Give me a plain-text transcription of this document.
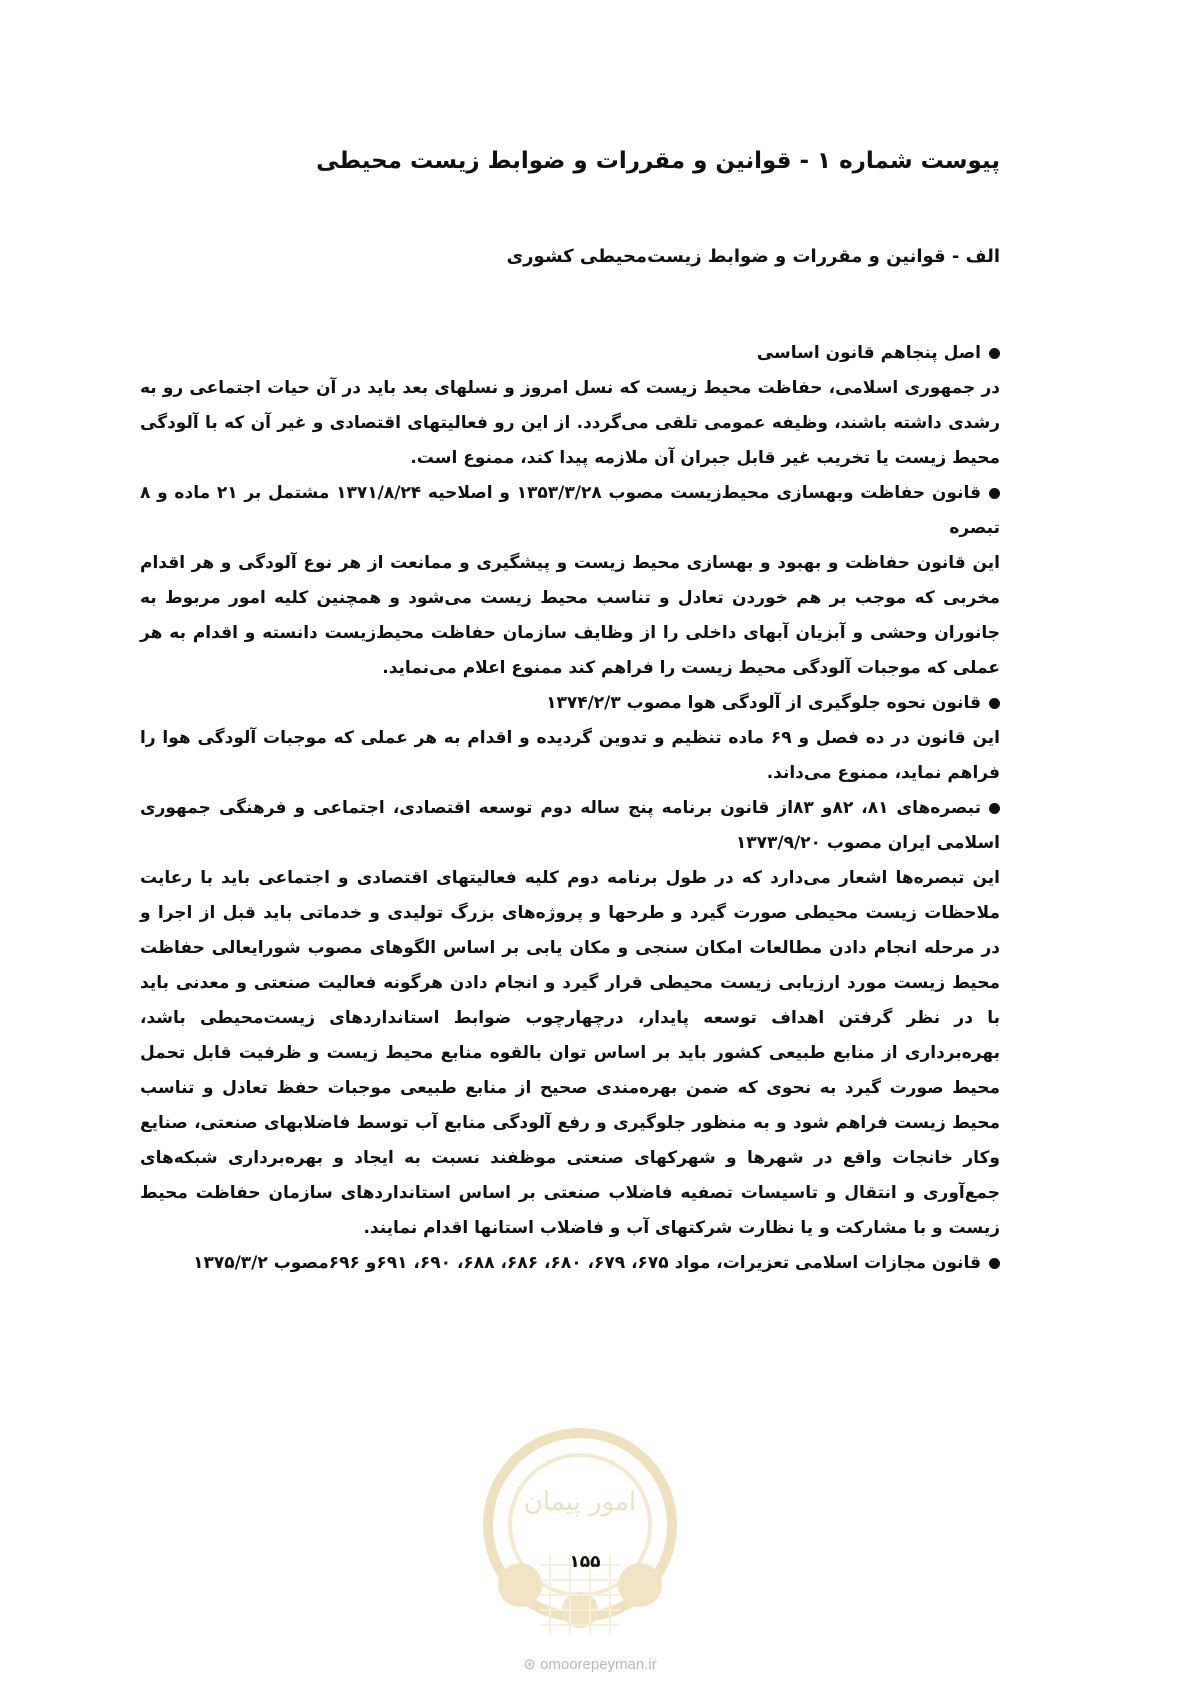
پیوست شماره ۱ - قوانین و مقررات و ضوابط زیست محیطی
الف - قوانین و مقررات و ضوابط زیست‌محیطی کشوری
اصل پنجاهم قانون اساسی

در جمهوری اسلامی، حفاظت محیط زیست که نسل امروز و نسلهای بعد باید در آن حیات اجتماعی رو به رشدی داشته باشند، وظیفه عمومی تلقی می‌گردد. از این رو فعالیتهای اقتصادی و غیر آن که با آلودگی محیط زیست یا تخریب غیر قابل جبران آن ملازمه پیدا کند، ممنوع است.

قانون حفاظت وبهسازی محیط‌زیست مصوب ۱۳۵۳/۳/۲۸ و اصلاحیه ۱۳۷۱/۸/۲۴ مشتمل بر ۲۱ ماده و ۸ تبصره

این قانون حفاظت و بهبود و بهسازی محیط زیست و پیشگیری و ممانعت از هر نوع آلودگی و هر اقدام مخربی که موجب بر هم خوردن تعادل و تناسب محیط زیست می‌شود و همچنین کلیه امور مربوط به جانوران وحشی و آبزیان آبهای داخلی را از وظایف سازمان حفاظت محیط‌زیست دانسته و اقدام به هر عملی که موجبات آلودگی محیط زیست را فراهم کند ممنوع اعلام می‌نماید.

قانون نحوه جلوگیری از آلودگی هوا مصوب ۱۳۷۴/۲/۳

این قانون در ده فصل و ۶۹ ماده تنظیم و تدوین گردیده و اقدام به هر عملی که موجبات آلودگی هوا را فراهم نماید، ممنوع می‌داند.

تبصره‌های ۸۱، ۸۲و ۸۳از قانون برنامه پنج ساله دوم توسعه اقتصادی، اجتماعی و فرهنگی جمهوری اسلامی ایران مصوب ۱۳۷۳/۹/۲۰

این تبصره‌ها اشعار می‌دارد که در طول برنامه دوم کلیه فعالیتهای اقتصادی و اجتماعی باید با رعایت ملاحظات زیست محیطی صورت گیرد و طرحها و پروژه‌های بزرگ تولیدی و خدماتی باید قبل از اجرا و در مرحله انجام دادن مطالعات امکان سنجی و مکان یابی بر اساس الگوهای مصوب شورایعالی حفاظت محیط زیست مورد ارزیابی زیست محیطی قرار گیرد و انجام دادن هرگونه فعالیت صنعتی و معدنی باید با در نظر گرفتن اهداف توسعه پایدار، درچهارچوب ضوابط استانداردهای زیست‌محیطی باشد، بهره‌برداری از منابع طبیعی کشور باید بر اساس توان بالقوه منابع محیط زیست و ظرفیت قابل تحمل محیط صورت گیرد به نحوی که ضمن بهره‌مندی صحیح از منابع طبیعی موجبات حفظ تعادل و تناسب محیط زیست فراهم شود و به منظور جلوگیری و رفع آلودگی منابع آب توسط فاضلابهای صنعتی، صنایع وکار خانجات واقع در شهرها و شهرکهای صنعتی موظفند نسبت به ایجاد و بهره‌برداری شبکه‌های جمع‌آوری و انتقال و تاسیسات تصفیه فاضلاب صنعتی بر اساس استانداردهای سازمان حفاظت محیط زیست و با مشارکت و یا نظارت شرکتهای آب و فاضلاب استانها اقدام نمایند.

قانون مجازات اسلامی تعزیرات، مواد ۶۷۵، ۶۷۹، ۶۸۰، ۶۸۶، ۶۸۸، ۶۹۰، ۶۹۱و ۶۹۶مصوب ۱۳۷۵/۳/۲
امور پیمان
۱۵۵
⊛ omoorepeyman.ir
